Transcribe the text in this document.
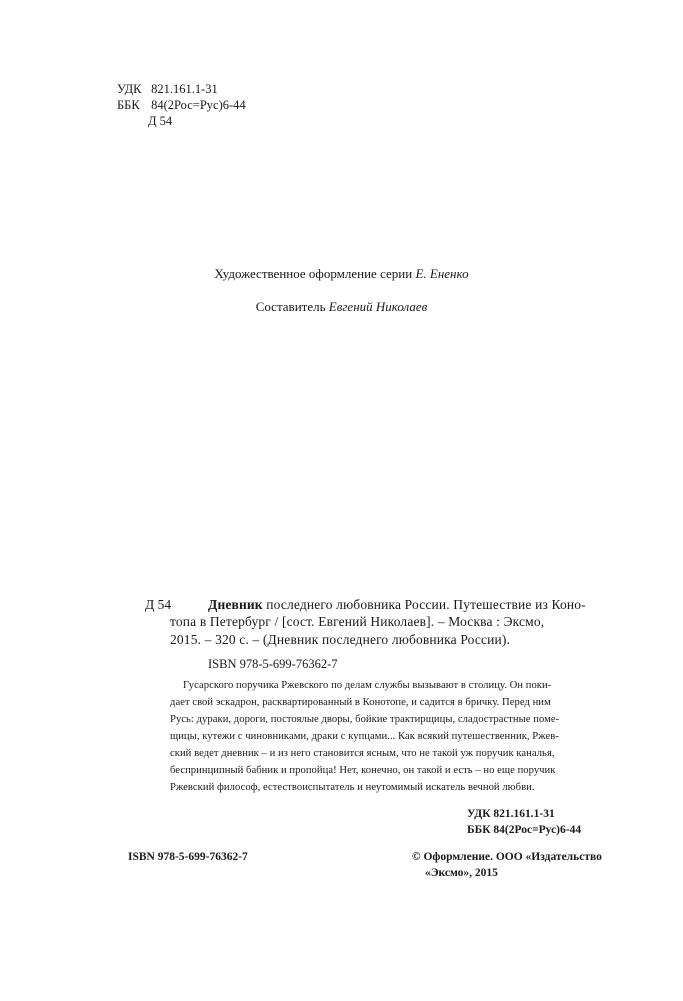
УДК 821.161.1-31
ББК 84(2Рос=Рус)6-44
Д 54
Художественное оформление серии Е. Ененко
Составитель Евгений Николаев
Д 54	Дневник последнего любовника России. Путешествие из Коно-
топа в Петербург / [сост. Евгений Николаев]. – Москва : Эксмо,
2015. – 320 с. – (Дневник последнего любовника России).
ISBN 978-5-699-76362-7
Гусарского поручика Ржевского по делам службы вызывают в столицу. Он поки-
дает свой эскадрон, расквартированный в Конотопе, и садится в бричку. Перед ним
Русь: дураки, дороги, постоялые дворы, бойкие трактирщицы, сладострастные поме-
щицы, кутежи с чиновниками, драки с купцами... Как всякий путешественник, Ржев-
ский ведет дневник – и из него становится ясным, что не такой уж поручик каналья,
беспринципный бабник и пропойца! Нет, конечно, он такой и есть – но еще поручик
Ржевский философ, естествоиспытатель и неутомимый искатель вечной любви.
УДК 821.161.1-31
ББК 84(2Рос=Рус)6-44
ISBN 978-5-699-76362-7	© Оформление. ООО «Издательство
«Эксмо», 2015
